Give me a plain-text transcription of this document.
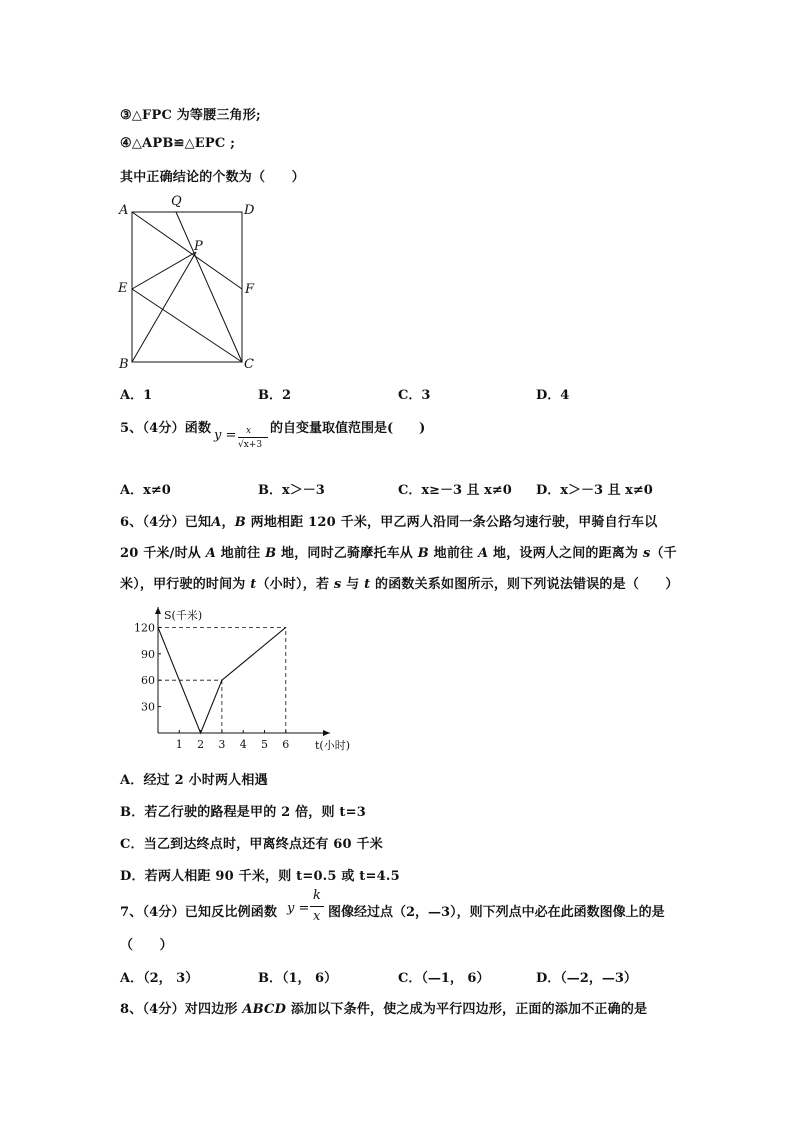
③△FPC 为等腰三角形;
④△APB≌△EPC ;
其中正确结论的个数为（　　）
A
Q
D
P
E	F
B	C
A．1	B．2	C．3	D．4
5、（4分）函数 y = x
√x+3
的自变量取值范围是(　　)
A．x≠0	B．x＞－3	C．x≥－3 且 x≠0 D．x＞－3 且 x≠0
6、（4分）已知A，B 两地相距 120 千米，甲乙两人沿同一条公路匀速行驶，甲骑自行车以
20 千米/时从 A 地前往 B 地，同时乙骑摩托车从 B 地前往 A 地，设两人之间的距离为 s（千
米），甲行驶的时间为 t（小时），若 s 与 t 的函数关系如图所示，则下列说法错误的是（　　）
S(千米)
t(小时)
1 2 3 4 5 6
30
60
90
120
A．经过 2 小时两人相遇
B．若乙行驶的路程是甲的 2 倍，则 t=3
C．当乙到达终点时，甲离终点还有 60 千米
D．若两人相距 90 千米，则 t=0.5 或 t=4.5
7、（4分）已知反比例函数 y =
k
x 图像经过点（2，—3），则下列点中必在此函数图像上的是
（　　）
A．（2， 3）	B．（1， 6）	C．（—1， 6）	D．（—2，—3）
8、（4分）对四边形 ABCD 添加以下条件，使之成为平行四边形，正面的添加不正确的是
